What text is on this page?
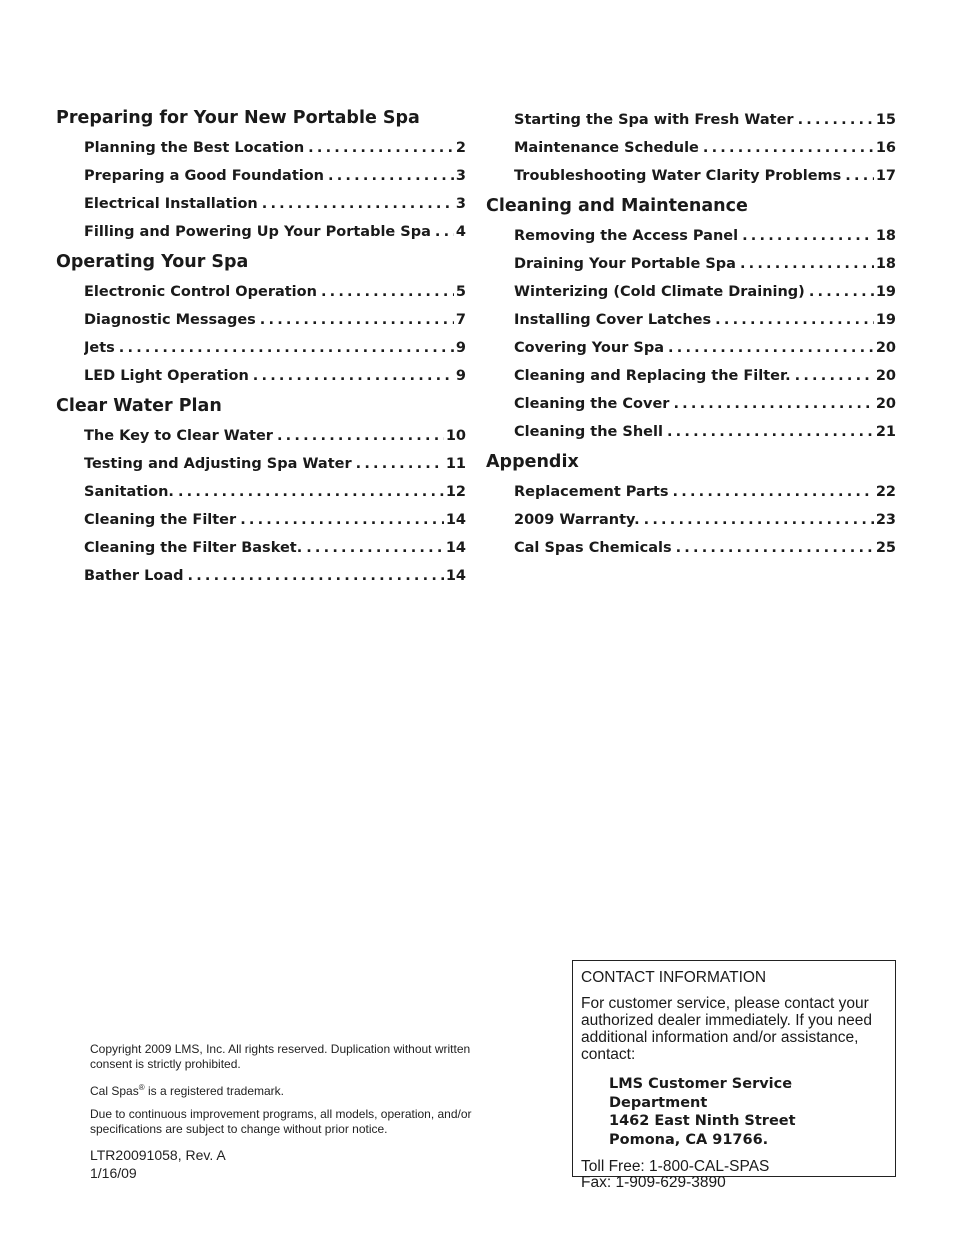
Preparing for Your New Portable Spa
Planning the Best Location .....	2
Preparing a Good Foundation .....	3
Electrical Installation .....	3
Filling and Powering Up Your Portable Spa ..... 4
Operating Your Spa
Electronic Control Operation .....	5
Diagnostic Messages .....	7
Jets .....	9
LED Light Operation .....	9
Clear Water Plan
The Key to Clear Water .....	10
Testing and Adjusting Spa Water .....	11
Sanitation. .....	12
Cleaning the Filter .....	14
Cleaning the Filter Basket. .....	14
Bather Load .....	14
Starting the Spa with Fresh Water .....	15
Maintenance Schedule .....	16
Troubleshooting Water Clarity Problems ..... 17
Cleaning and Maintenance
Removing the Access Panel .....	18
Draining Your Portable Spa .....	18
Winterizing (Cold Climate Draining) .....	19
Installing Cover Latches .....	19
Covering Your Spa .....	20
Cleaning and Replacing the Filter. .....	20
Cleaning the Cover .....	20
Cleaning the Shell .....	21
Appendix
Replacement Parts .....	22
2009 Warranty. .....	23
Cal Spas Chemicals .....	25

Copyright 2009 LMS, Inc. All rights reserved. Duplication without written consent is strictly prohibited.

Cal Spas® is a registered trademark.

Due to continuous improvement programs, all models, operation, and/or specifications are subject to change without prior notice.

LTR20091058, Rev. A
1/16/09

CONTACT INFORMATION

For customer service, please contact your authorized dealer immediately. If you need additional information and/or assistance, contact:

LMS Customer Service Department
1462 East Ninth Street
Pomona, CA 91766.
Toll Free: 1-800-CAL-SPAS
Fax: 1-909-629-3890
